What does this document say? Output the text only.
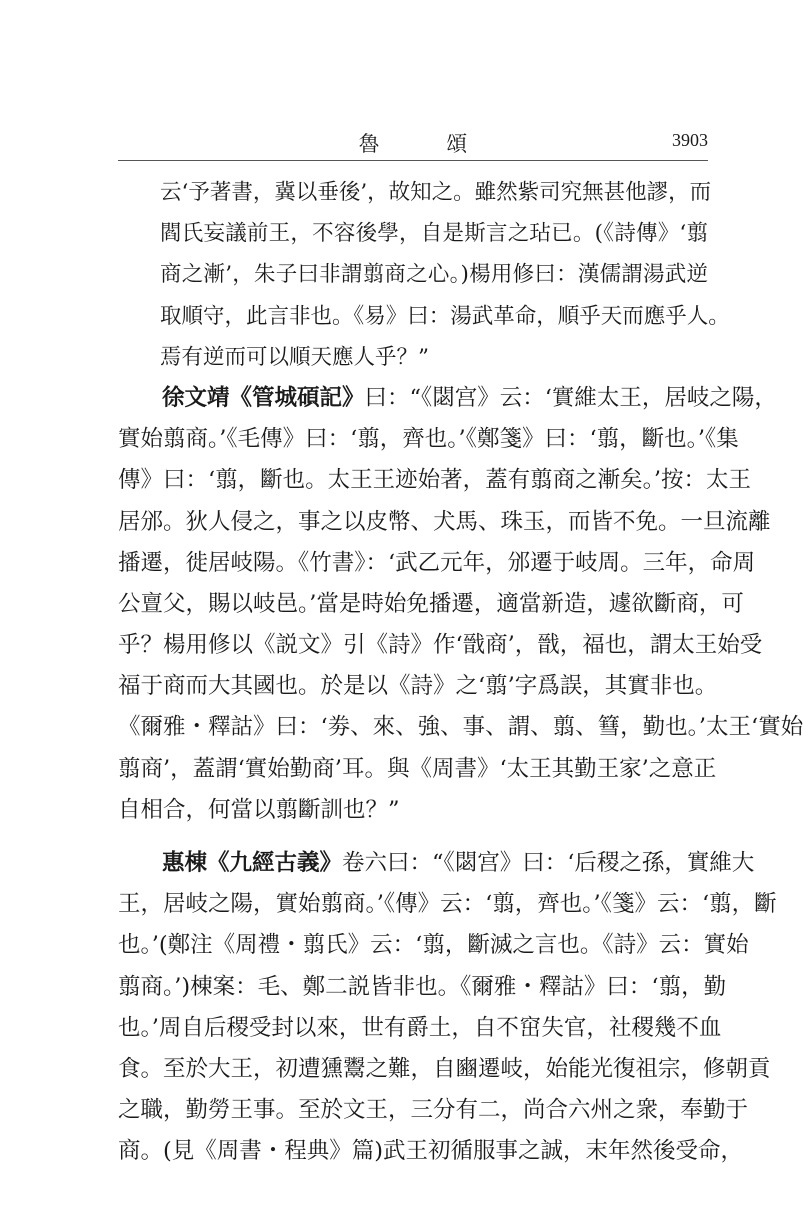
魯 頌	3903
云‘予著書，冀以垂後’，故知之。雖然紫司究無甚他謬，而
閻氏妄議前王，不容後學，自是斯言之玷已。(《詩傳》‘翦
商之漸’，朱子曰非謂翦商之心。)楊用修曰：漢儒謂湯武逆
取順守，此言非也。《易》曰：湯武革命，順乎天而應乎人。
焉有逆而可以順天應人乎？”
徐文靖《管城碩記》曰：“《閟宫》云：‘實維太王，居岐之陽，
實始翦商。’《毛傳》曰：‘翦，齊也。’《鄭箋》曰：‘翦，斷也。’《集
傳》曰：‘翦，斷也。太王王迹始著，蓋有翦商之漸矣。’按：太王
居邠。狄人侵之，事之以皮幣、犬馬、珠玉，而皆不免。一旦流離
播遷，徙居岐陽。《竹書》：‘武乙元年，邠遷于岐周。三年，命周
公亶父，賜以岐邑。’當是時始免播遷，適當新造，遽欲斷商，可
乎？楊用修以《説文》引《詩》作‘戩商’，戩，福也，謂太王始受
福于商而大其國也。於是以《詩》之‘翦’字爲誤，其實非也。
《爾雅・釋詁》曰：‘劵、來、強、事、謂、翦、篲，勤也。’太王‘實始
翦商’，蓋謂‘實始勤商’耳。與《周書》‘太王其勤王家’之意正
自相合，何當以翦斷訓也？”
惠棟《九經古義》卷六曰：“《閟宫》曰：‘后稷之孫，實維大
王，居岐之陽，實始翦商。’《傳》云：‘翦，齊也。’《箋》云：‘翦，斷
也。’(鄭注《周禮・翦氏》云：‘翦，斷滅之言也。《詩》云：實始
翦商。’)棟案：毛、鄭二説皆非也。《爾雅・釋詁》曰：‘翦，勤
也。’周自后稷受封以來，世有爵土，自不窋失官，社稷幾不血
食。至於大王，初遭獯鬻之難，自豳遷岐，始能光復祖宗，修朝貢
之職，勤勞王事。至於文王，三分有二，尚合六州之衆，奉勤于
商。(見《周書・程典》篇)武王初循服事之誠，末年然後受命，
